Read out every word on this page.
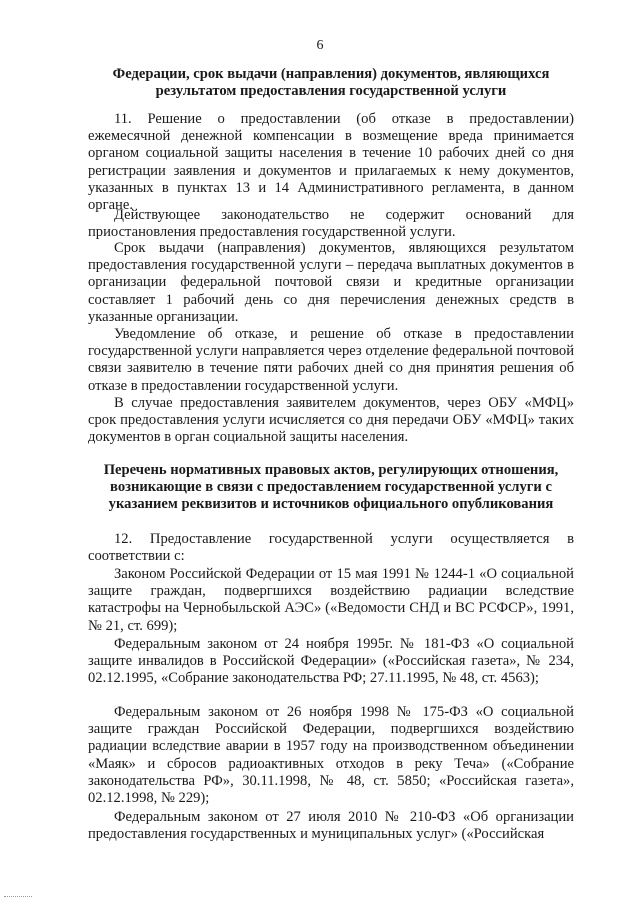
6

Федерации, срок выдачи (направления) документов, являющихся результатом предоставления государственной услуги

11. Решение о предоставлении (об отказе в предоставлении) ежемесячной денежной компенсации в возмещение вреда принимается органом социальной защиты населения в течение 10 рабочих дней со дня регистрации заявления и документов и прилагаемых к нему документов, указанных в пунктах 13 и 14 Административного регламента, в данном органе.
Действующее законодательство не содержит оснований для приостановления предоставления государственной услуги.
Срок выдачи (направления) документов, являющихся результатом предоставления государственной услуги – передача выплатных документов в организации федеральной почтовой связи и кредитные организации составляет 1 рабочий день со дня перечисления денежных средств в указанные организации.
Уведомление об отказе, и решение об отказе в предоставлении государственной услуги направляется через отделение федеральной почтовой связи заявителю в течение пяти рабочих дней со дня принятия решения об отказе в предоставлении государственной услуги.
В случае предоставления заявителем документов, через ОБУ «МФЦ» срок предоставления услуги исчисляется со дня передачи ОБУ «МФЦ» таких документов в орган социальной защиты населения.

Перечень нормативных правовых актов, регулирующих отношения, возникающие в связи с предоставлением государственной услуги с указанием реквизитов и источников официального опубликования

12. Предоставление государственной услуги осуществляется в соответствии с:
Законом Российской Федерации от 15 мая 1991 № 1244-1 «О социальной защите граждан, подвергшихся воздействию радиации вследствие катастрофы на Чернобыльской АЭС» («Ведомости СНД и ВС РСФСР», 1991, № 21, ст. 699);
Федеральным законом от 24 ноября 1995г. № 181-ФЗ «О социальной защите инвалидов в Российской Федерации» («Российская газета», № 234, 02.12.1995, «Собрание законодательства РФ; 27.11.1995, № 48, ст. 4563);
Федеральным законом от 26 ноября 1998 № 175-ФЗ «О социальной защите граждан Российской Федерации, подвергшихся воздействию радиации вследствие аварии в 1957 году на производственном объединении «Маяк» и сбросов радиоактивных отходов в реку Теча» («Собрание законодательства РФ», 30.11.1998, № 48, ст. 5850; «Российская газета», 02.12.1998, № 229);
Федеральным законом от 27 июля 2010 № 210-ФЗ «Об организации предоставления государственных и муниципальных услуг» («Российская
